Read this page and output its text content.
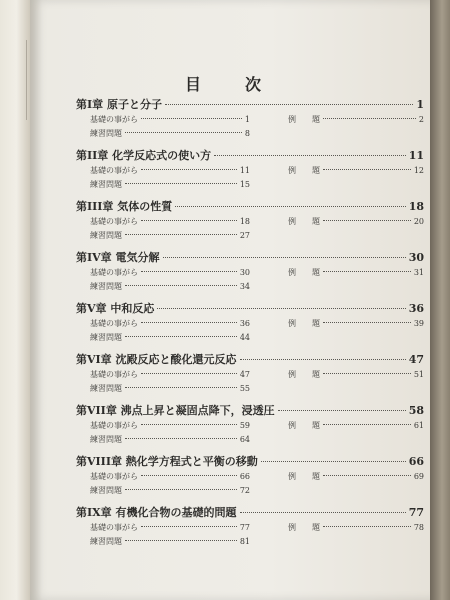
目　次
第I章 原子と分子	1
基礎の事がら	1	例　　題	2
練習問題	8
第II章 化学反応式の使い方	11
基礎の事がら	11	例　　題	12
練習問題	15
第III章 気体の性質	18
基礎の事がら	18	例　　題	20
練習問題	27
第IV章 電気分解	30
基礎の事がら	30	例　　題	31
練習問題	34
第V章 中和反応	36
基礎の事がら	36	例　　題	39
練習問題	44
第VI章 沈殿反応と酸化還元反応	47
基礎の事がら	47	例　　題	51
練習問題	55
第VII章 沸点上昇と凝固点降下，浸透圧	58
基礎の事がら	59	例　　題	61
練習問題	64
第VIII章 熱化学方程式と平衡の移動	66
基礎の事がら	66	例　　題	69
練習問題	72
第IX章 有機化合物の基礎的問題	77
基礎の事がら	77	例　　題	78
練習問題	81
